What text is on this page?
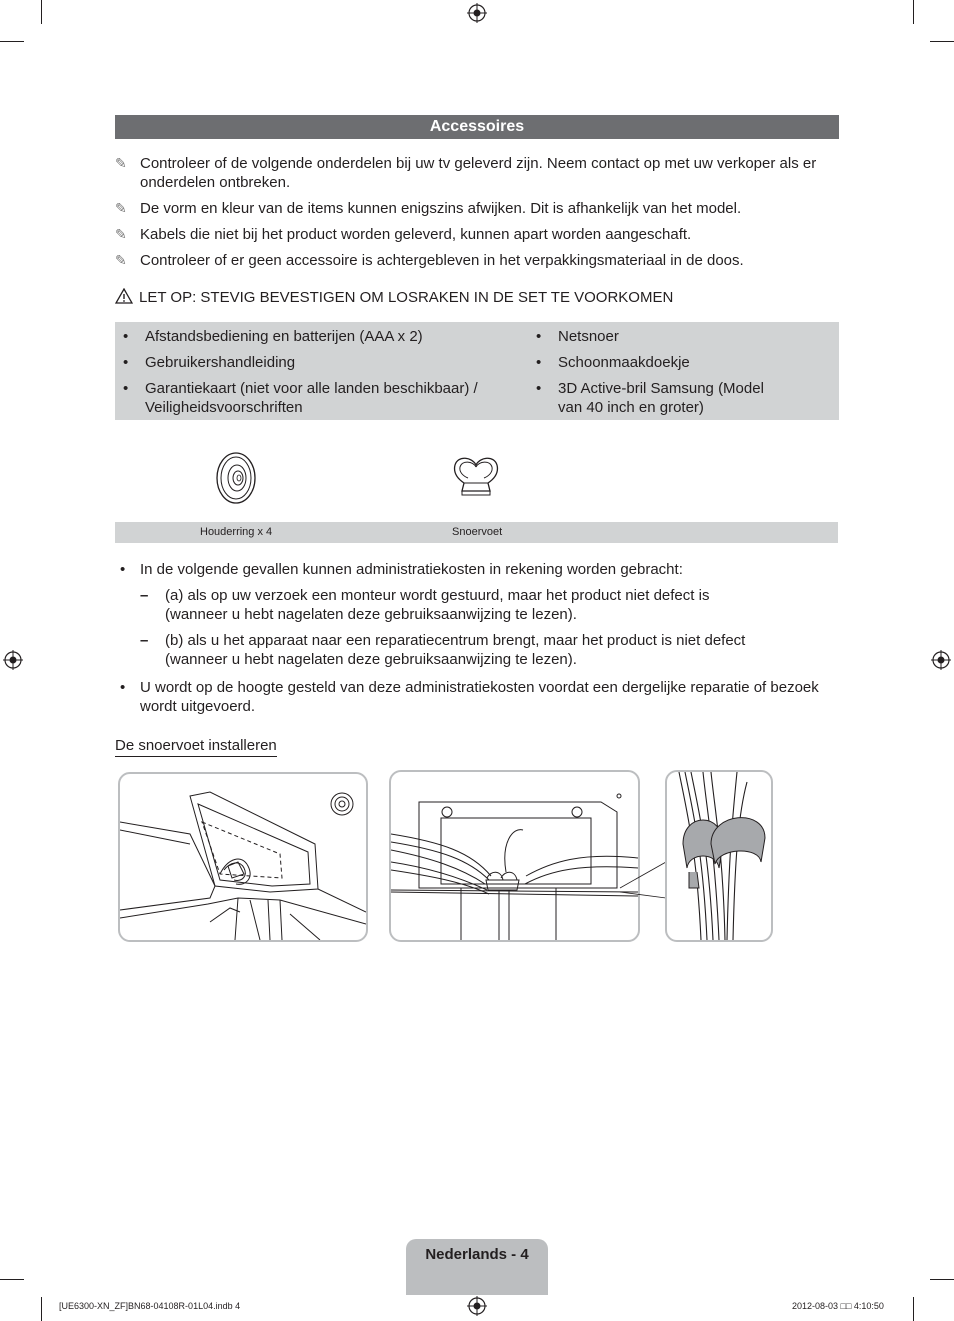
Accessoires
✎ Controleer of de volgende onderdelen bij uw tv geleverd zijn. Neem contact op met uw verkoper als er onderdelen ontbreken.
✎ De vorm en kleur van de items kunnen enigszins afwijken. Dit is afhankelijk van het model.
✎ Kabels die niet bij het product worden geleverd, kunnen apart worden aangeschaft.
✎ Controleer of er geen accessoire is achtergebleven in het verpakkingsmateriaal in de doos.
LET OP: STEVIG BEVESTIGEN OM LOSRAKEN IN DE SET TE VOORKOMEN
• Afstandsbediening en batterijen (AAA x 2)
• Gebruikershandleiding
• Garantiekaart (niet voor alle landen beschikbaar) / Veiligheidsvoorschriften
• Netsnoer
• Schoonmaakdoekje
• 3D Active-bril Samsung (Model van 40 inch en groter)
Houderring x 4	Snoervoet
• In de volgende gevallen kunnen administratiekosten in rekening worden gebracht:
– (a) als op uw verzoek een monteur wordt gestuurd, maar het product niet defect is (wanneer u hebt nagelaten deze gebruiksaanwijzing te lezen).
– (b) als u het apparaat naar een reparatiecentrum brengt, maar het product is niet defect (wanneer u hebt nagelaten deze gebruiksaanwijzing te lezen).
• U wordt op de hoogte gesteld van deze administratiekosten voordat een dergelijke reparatie of bezoek wordt uitgevoerd.
De snoervoet installeren
Nederlands - 4
[UE6300-XN_ZF]BN68-04108R-01L04.indb 4	2012-08-03 □□ 4:10:50
